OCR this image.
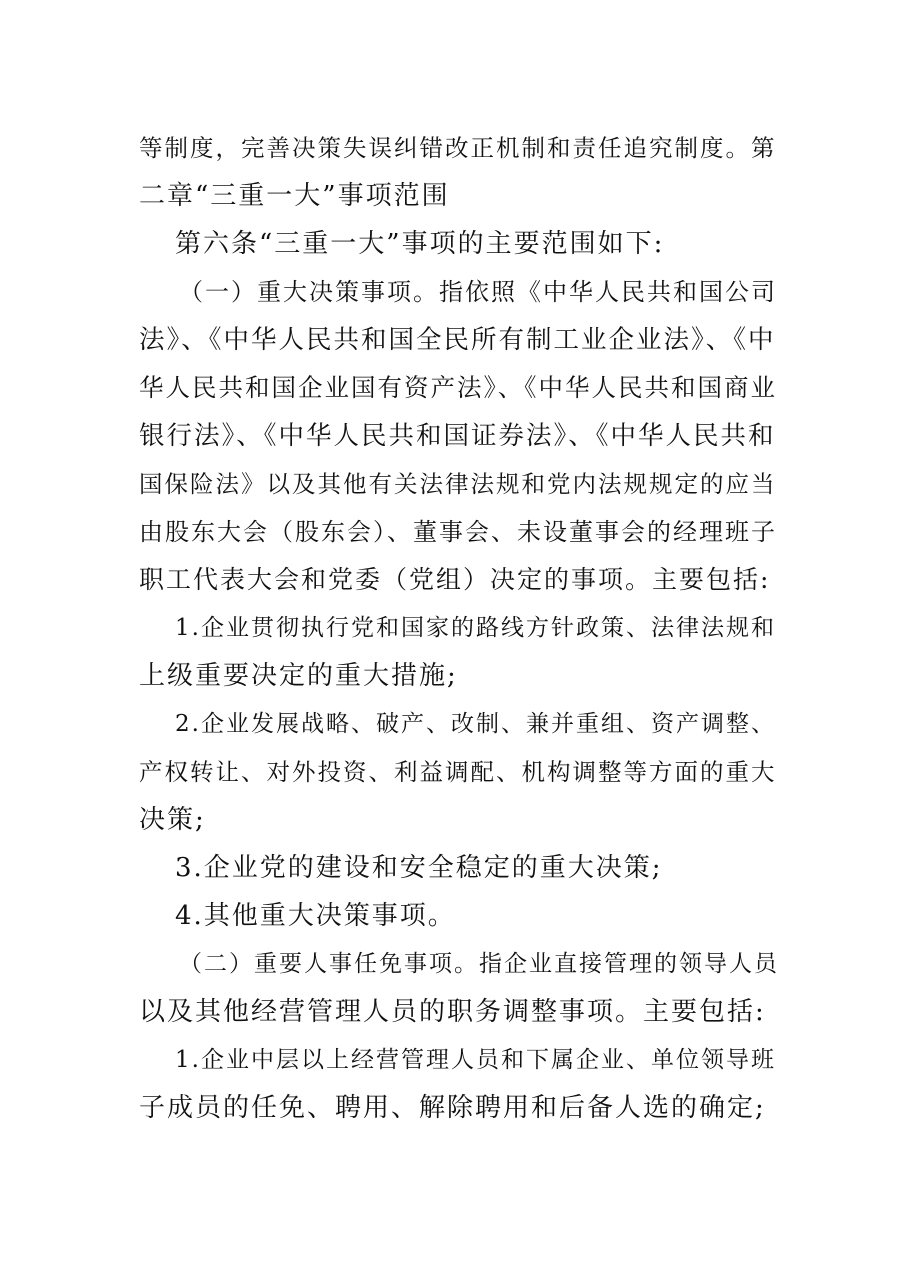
等制度，完善决策失误纠错改正机制和责任追究制度。第
二章“三重一大”事项范围
第六条“三重一大”事项的主要范围如下:
（一）重大决策事项。指依照《中华人民共和国公司
法》、《中华人民共和国全民所有制工业企业法》、《中
华人民共和国企业国有资产法》、《中华人民共和国商业
银行法》、《中华人民共和国证券法》、《中华人民共和
国保险法》以及其他有关法律法规和党内法规规定的应当
由股东大会（股东会）、董事会、未设董事会的经理班子
职工代表大会和党委（党组）决定的事项。主要包括:
1.企业贯彻执行党和国家的路线方针政策、法律法规和
上级重要决定的重大措施;
2.企业发展战略、破产、改制、兼并重组、资产调整、
产权转让、对外投资、利益调配、机构调整等方面的重大
决策;
3.企业党的建设和安全稳定的重大决策;
4.其他重大决策事项。
（二）重要人事任免事项。指企业直接管理的领导人员
以及其他经营管理人员的职务调整事项。主要包括:
1.企业中层以上经营管理人员和下属企业、单位领导班
子成员的任免、聘用、解除聘用和后备人选的确定;
